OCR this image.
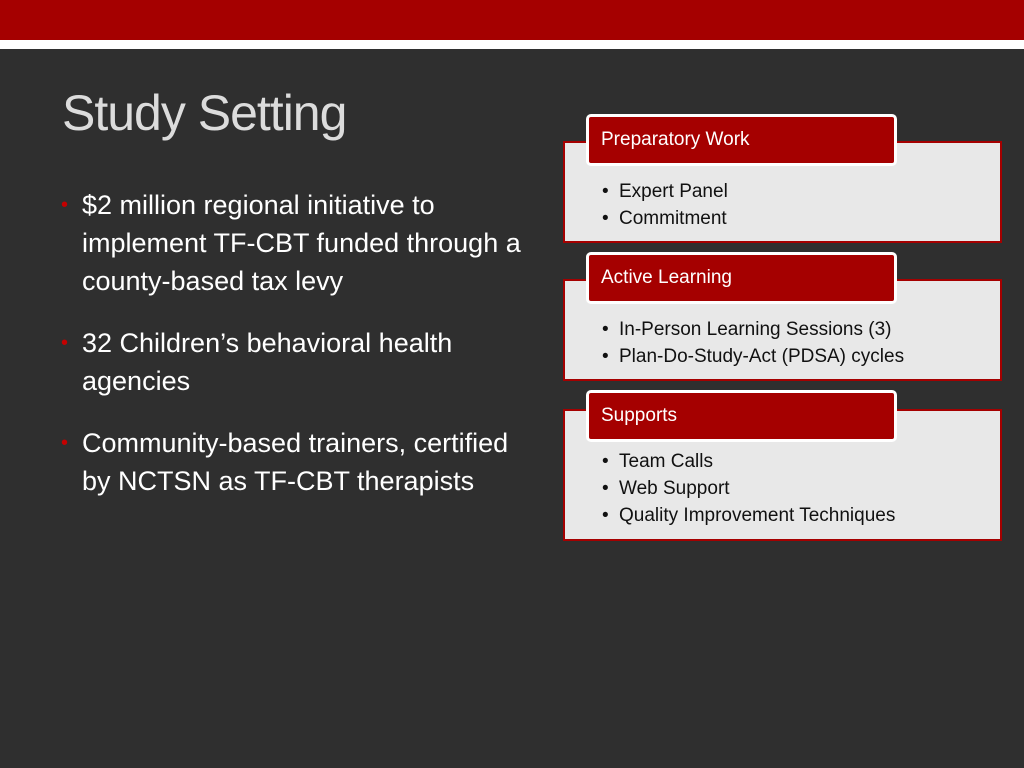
Study Setting
• $2 million regional initiative to implement TF-CBT funded through a county-based tax levy
• 32 Children’s behavioral health agencies
• Community-based trainers, certified by NCTSN as TF-CBT therapists
• Expert Panel
• Commitment
Preparatory Work
• In-Person Learning Sessions (3)
• Plan-Do-Study-Act (PDSA) cycles
Active Learning
• Team Calls
• Web Support
• Quality Improvement Techniques
Supports
